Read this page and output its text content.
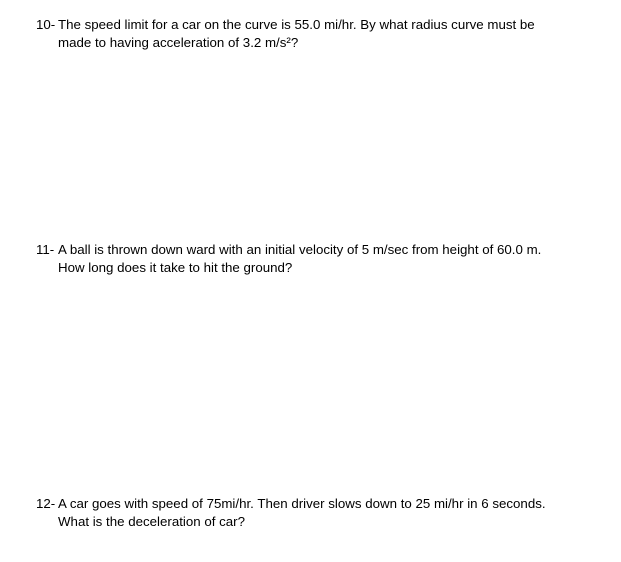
10- The speed limit for a car on the curve is 55.0 mi/hr. By what radius curve must be
made to having acceleration of 3.2 m/s²?
11- A ball is thrown down ward with an initial velocity of 5 m/sec from height of 60.0 m.
How long does it take to hit the ground?
12- A car goes with speed of 75mi/hr. Then driver slows down to 25 mi/hr in 6 seconds.
What is the deceleration of car?
